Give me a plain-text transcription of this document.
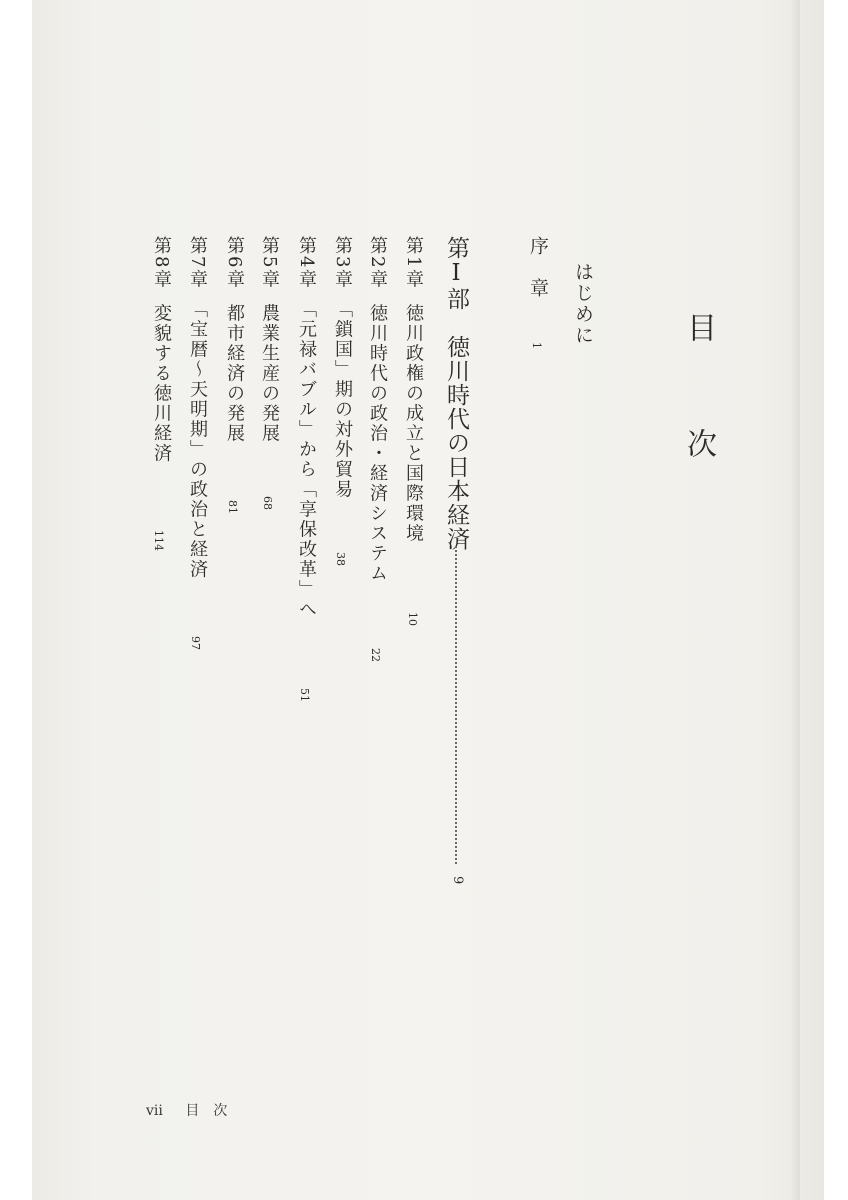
目　次
はじめに
序　章
1
第Ⅰ部　徳川時代の日本経済
9
第1章徳川政権の成立と国際環境
10
第2章徳川時代の政治・経済システム
22
第3章「鎖国」期の対外貿易
38
第4章「元禄バブル」から「享保改革」へ
51
第5章農業生産の発展
68
第6章都市経済の発展
81
第7章「宝暦～天明期」の政治と経済
97
第8章変貌する徳川経済
114
vii 目　次
